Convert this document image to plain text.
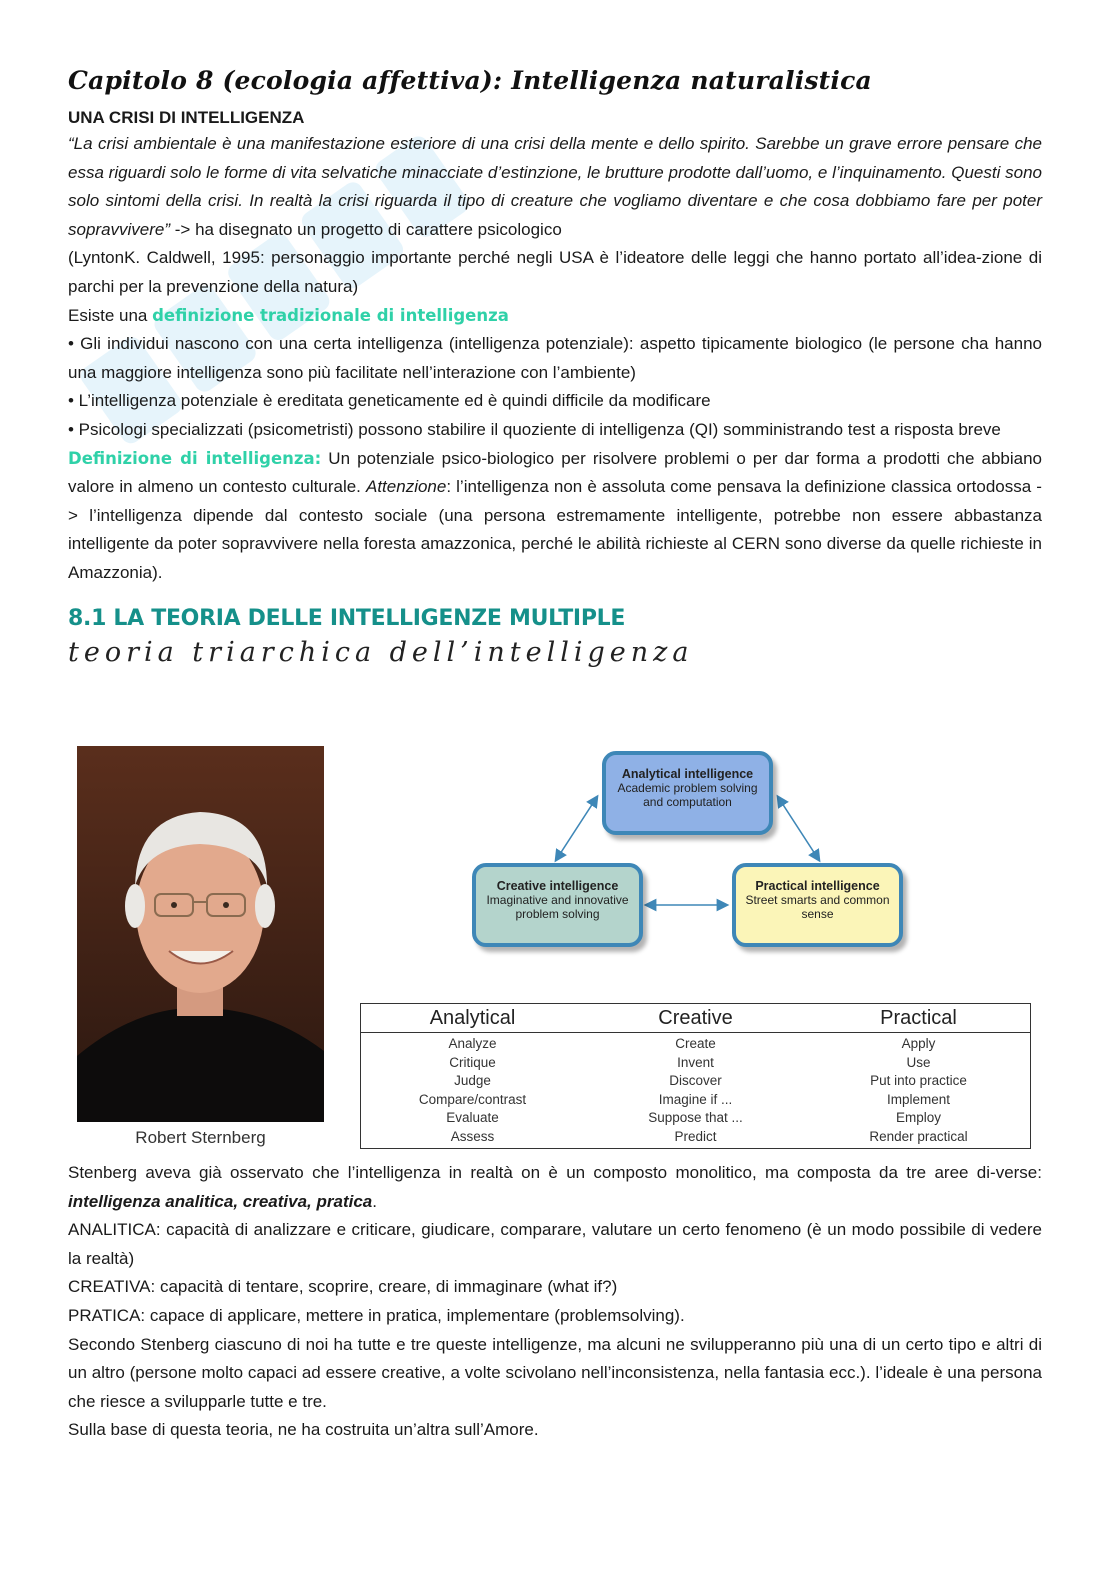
Capitolo 8 (ecologia affettiva): Intelligenza naturalistica
UNA CRISI DI INTELLIGENZA

“La crisi ambientale è una manifestazione esteriore di una crisi della mente e dello spirito. Sarebbe un grave errore pensare che essa riguardi solo le forme di vita selvatiche minacciate d’estinzione, le brutture prodotte dall’uomo, e l’inquinamento. Questi sono solo sintomi della crisi. In realtà la crisi riguarda il tipo di creature che vogliamo diventare e che cosa dobbiamo fare per poter sopravvivere” -> ha disegnato un progetto di carattere psicologico

(LyntonK. Caldwell, 1995: personaggio importante perché negli USA è l’ideatore delle leggi che hanno portato all’idea-zione di parchi per la prevenzione della natura)

Esiste una definizione tradizionale di intelligenza

• Gli individui nascono con una certa intelligenza (intelligenza potenziale): aspetto tipicamente biologico (le persone cha hanno una maggiore intelligenza sono più facilitate nell’interazione con l’ambiente)

• L’intelligenza potenziale è ereditata geneticamente ed è quindi difficile da modificare

• Psicologi specializzati (psicometristi) possono stabilire il quoziente di intelligenza (QI) somministrando test a risposta breve

Definizione di intelligenza: Un potenziale psico-biologico per risolvere problemi o per dar forma a prodotti che abbiano valore in almeno un contesto culturale. Attenzione: l’intelligenza non è assoluta come pensava la definizione classica ortodossa -> l’intelligenza dipende dal contesto sociale (una persona estremamente intelligente, potrebbe non essere abbastanza intelligente da poter sopravvivere nella foresta amazzonica, perché le abilità richieste al CERN sono diverse da quelle richieste in Amazzonia).

8.1 LA TEORIA DELLE INTELLIGENZE MULTIPLE
teoria triarchica dell’intelligenza
Robert Sternberg
Analytical intelligence
Academic problem solving and computation
Creative intelligence
Imaginative and innovative problem solving
Practical intelligence
Street smarts and common sense
Analytical	Creative	Practical
Analyze
Critique
Judge
Compare/contrast
Evaluate
Assess
Create
Invent
Discover
Imagine if ...
Suppose that ...
Predict
Apply
Use
Put into practice
Implement
Employ
Render practical

Stenberg aveva già osservato che l’intelligenza in realtà on è un composto monolitico, ma composta da tre aree di-verse: intelligenza analitica, creativa, pratica.

ANALITICA: capacità di analizzare e criticare, giudicare, comparare, valutare un certo fenomeno (è un modo possibile di vedere la realtà)

CREATIVA: capacità di tentare, scoprire, creare, di immaginare (what if?)

PRATICA: capace di applicare, mettere in pratica, implementare (problemsolving).

Secondo Stenberg ciascuno di noi ha tutte e tre queste intelligenze, ma alcuni ne svilupperanno più una di un certo tipo e altri di un altro (persone molto capaci ad essere creative, a volte scivolano nell’inconsistenza, nella fantasia ecc.). l’ideale è una persona che riesce a svilupparle tutte e tre.

Sulla base di questa teoria, ne ha costruita un’altra sull’Amore.
